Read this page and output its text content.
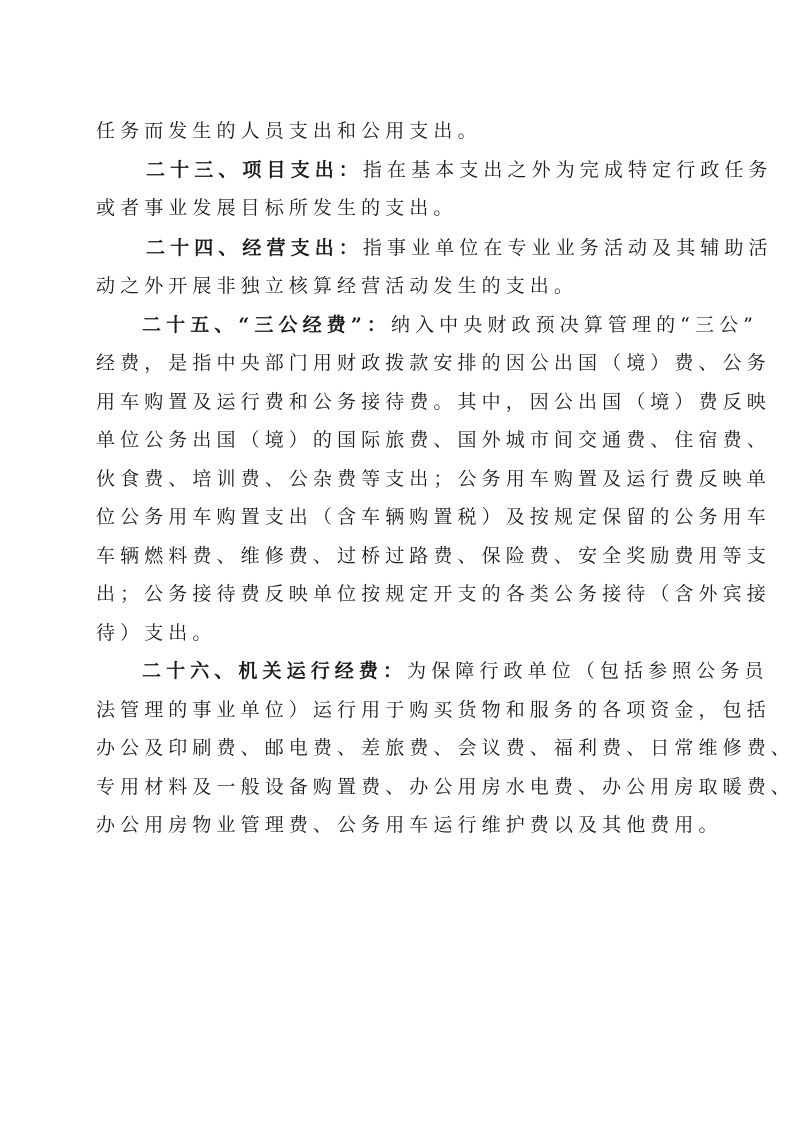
任务而发生的人员支出和公用支出。
二十三、项目支出：指在基本支出之外为完成特定行政任务
或者事业发展目标所发生的支出。
二十四、经营支出：指事业单位在专业业务活动及其辅助活
动之外开展非独立核算经营活动发生的支出。
二十五、“三公经费”：纳入中央财政预决算管理的“三公”
经费，是指中央部门用财政拨款安排的因公出国（境）费、公务
用车购置及运行费和公务接待费。其中，因公出国（境）费反映
单位公务出国（境）的国际旅费、国外城市间交通费、住宿费、
伙食费、培训费、公杂费等支出；公务用车购置及运行费反映单
位公务用车购置支出（含车辆购置税）及按规定保留的公务用车
车辆燃料费、维修费、过桥过路费、保险费、安全奖励费用等支
出；公务接待费反映单位按规定开支的各类公务接待（含外宾接
待）支出。
二十六、机关运行经费：为保障行政单位（包括参照公务员
法管理的事业单位）运行用于购买货物和服务的各项资金，包括
办公及印刷费、邮电费、差旅费、会议费、福利费、日常维修费、
专用材料及一般设备购置费、办公用房水电费、办公用房取暖费、
办公用房物业管理费、公务用车运行维护费以及其他费用。
